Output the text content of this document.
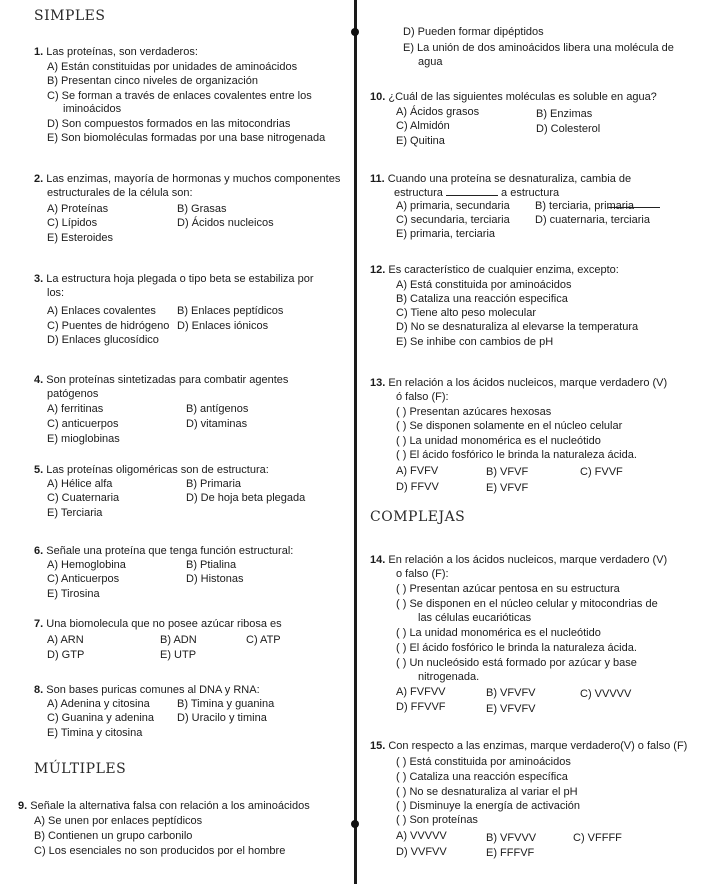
SIMPLES
1. Las proteínas, son verdaderos:
A) Están constituidas por unidades de aminoácidos
B) Presentan cinco niveles de organización
C) Se forman a través de enlaces covalentes entre los
iminoácidos
D) Son compuestos formados en las mitocondrias
E) Son biomoléculas formadas por una base nitrogenada
2. Las enzimas, mayoría de hormonas y muchos componentes
estructurales de la célula son:
A) Proteínas	B) Grasas
C) Lípidos	D) Ácidos nucleicos
E) Esteroides
3. La estructura hoja plegada o tipo beta se estabiliza por
los:
A) Enlaces covalentes B) Enlaces peptídicos
C) Puentes de hidrógeno D) Enlaces iónicos
D) Enlaces glucosídico
4. Son proteínas sintetizadas para combatir agentes
patógenos
A) ferritinas	B) antígenos
C) anticuerpos	D) vitaminas
E) mioglobinas
5. Las proteínas oligoméricas son de estructura:
A) Hélice alfa	B) Primaria
C) Cuaternaria	D) De hoja beta plegada
E) Terciaria
6. Señale una proteína que tenga función estructural:
A) Hemoglobina	B) Ptialina
C) Anticuerpos	D) Histonas
E) Tirosina
7. Una biomolecula que no posee azúcar ribosa es
A) ARN	B) ADN	C) ATP
D) GTP	E) UTP
8. Son bases puricas comunes al DNA y RNA:
A) Adenina y citosina B) Timina y guanina
C) Guanina y adenina D) Uracilo y timina
E) Timina y citosina
MÚLTIPLES
9. Señale la alternativa falsa con relación a los aminoácidos
A) Se unen por enlaces peptídicos
B) Contienen un grupo carbonilo
C) Los esenciales no son producidos por el hombre
D) Pueden formar dipéptidos
E) La unión de dos aminoácidos libera una molécula de
agua
10. ¿Cuál de las siguientes moléculas es soluble en agua?
A) Ácidos grasos	B) Enzimas
C) Almidón	D) Colesterol
E) Quitina
11. Cuando una proteína se desnaturaliza, cambia de
estructura	a estructura
A) primaria, secundaria B) terciaria, primaria
C) secundaria, terciaria D) cuaternaria, terciaria
E) primaria, terciaria
12. Es característico de cualquier enzima, excepto:
A) Está constituida por aminoácidos
B) Cataliza una reacción especifica
C) Tiene alto peso molecular
D) No se desnaturaliza al elevarse la temperatura
E) Se inhibe con cambios de pH
13. En relación a los ácidos nucleicos, marque verdadero (V)
ó falso (F):
( ) Presentan azúcares hexosas
( ) Se disponen solamente en el núcleo celular
( ) La unidad monomérica es el nucleótido
( ) El ácido fosfórico le brinda la naturaleza ácida.
A) FVFV	B) VFVF	C) FVVF
D) FFVV	E) VFVF
COMPLEJAS
14. En relación a los ácidos nucleicos, marque verdadero (V)
o falso (F):
( ) Presentan azúcar pentosa en su estructura
( ) Se disponen en el núcleo celular y mitocondrias de
las células eucarióticas
( ) La unidad monomérica es el nucleótido
( ) El ácido fosfórico le brinda la naturaleza ácida.
( ) Un nucleósido está formado por azúcar y base
nitrogenada.
A) FVFVV	B) VFVFV	C) VVVVV
D) FFVVF	E) VFVFV
15. Con respecto a las enzimas, marque verdadero(V) o falso (F)
( ) Está constituida por aminoácidos
( ) Cataliza una reacción específica
( ) No se desnaturaliza al variar el pH
( ) Disminuye la energía de activación
( ) Son proteínas
A) VVVVV	B) VFVVV	C) VFFFF
D) VVFVV	E) FFFVF
